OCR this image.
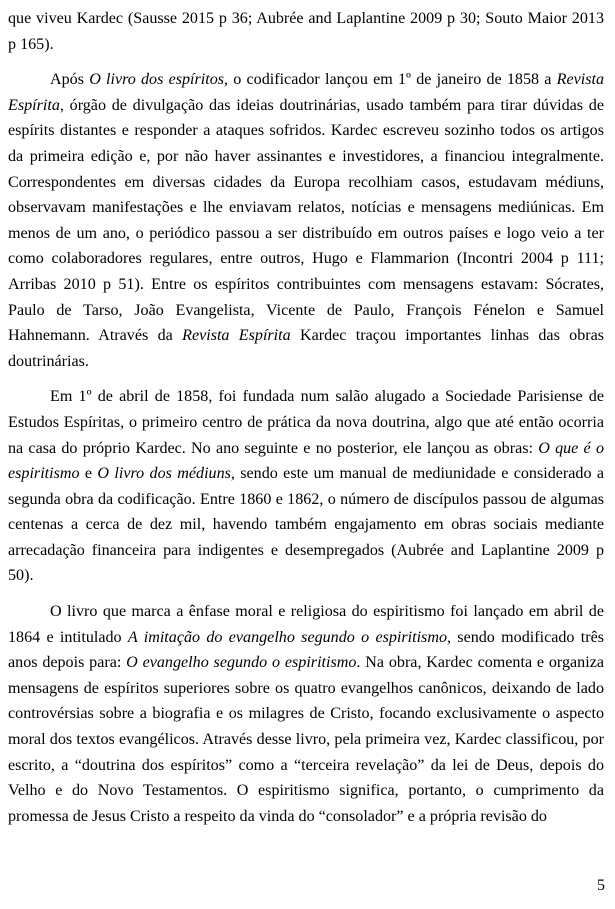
que viveu Kardec (Sausse 2015 p 36; Aubrée and Laplantine 2009 p 30; Souto Maior 2013 p 165).

Após O livro dos espíritos, o codificador lançou em 1º de janeiro de 1858 a Revista Espírita, órgão de divulgação das ideias doutrinárias, usado também para tirar dúvidas de espírits distantes e responder a ataques sofridos. Kardec escreveu sozinho todos os artigos da primeira edição e, por não haver assinantes e investidores, a financiou integralmente. Correspondentes em diversas cidades da Europa recolhiam casos, estudavam médiuns, observavam manifestações e lhe enviavam relatos, notícias e mensagens mediúnicas. Em menos de um ano, o periódico passou a ser distribuído em outros países e logo veio a ter como colaboradores regulares, entre outros, Hugo e Flammarion (Incontri 2004 p 111; Arribas 2010 p 51). Entre os espíritos contribuintes com mensagens estavam: Sócrates, Paulo de Tarso, João Evangelista, Vicente de Paulo, François Fénelon e Samuel Hahnemann. Através da Revista Espírita Kardec traçou importantes linhas das obras doutrinárias.

Em 1º de abril de 1858, foi fundada num salão alugado a Sociedade Parisiense de Estudos Espíritas, o primeiro centro de prática da nova doutrina, algo que até então ocorria na casa do próprio Kardec. No ano seguinte e no posterior, ele lançou as obras: O que é o espiritismo e O livro dos médiuns, sendo este um manual de mediunidade e considerado a segunda obra da codificação. Entre 1860 e 1862, o número de discípulos passou de algumas centenas a cerca de dez mil, havendo também engajamento em obras sociais mediante arrecadação financeira para indigentes e desempregados (Aubrée and Laplantine 2009 p 50).

O livro que marca a ênfase moral e religiosa do espiritismo foi lançado em abril de 1864 e intitulado A imitação do evangelho segundo o espiritismo, sendo modificado três anos depois para: O evangelho segundo o espiritismo. Na obra, Kardec comenta e organiza mensagens de espíritos superiores sobre os quatro evangelhos canônicos, deixando de lado controvérsias sobre a biografia e os milagres de Cristo, focando exclusivamente o aspecto moral dos textos evangélicos. Através desse livro, pela primeira vez, Kardec classificou, por escrito, a “doutrina dos espíritos” como a “terceira revelação” da lei de Deus, depois do Velho e do Novo Testamentos. O espiritismo significa, portanto, o cumprimento da promessa de Jesus Cristo a respeito da vinda do “consolador” e a própria revisão do

5
